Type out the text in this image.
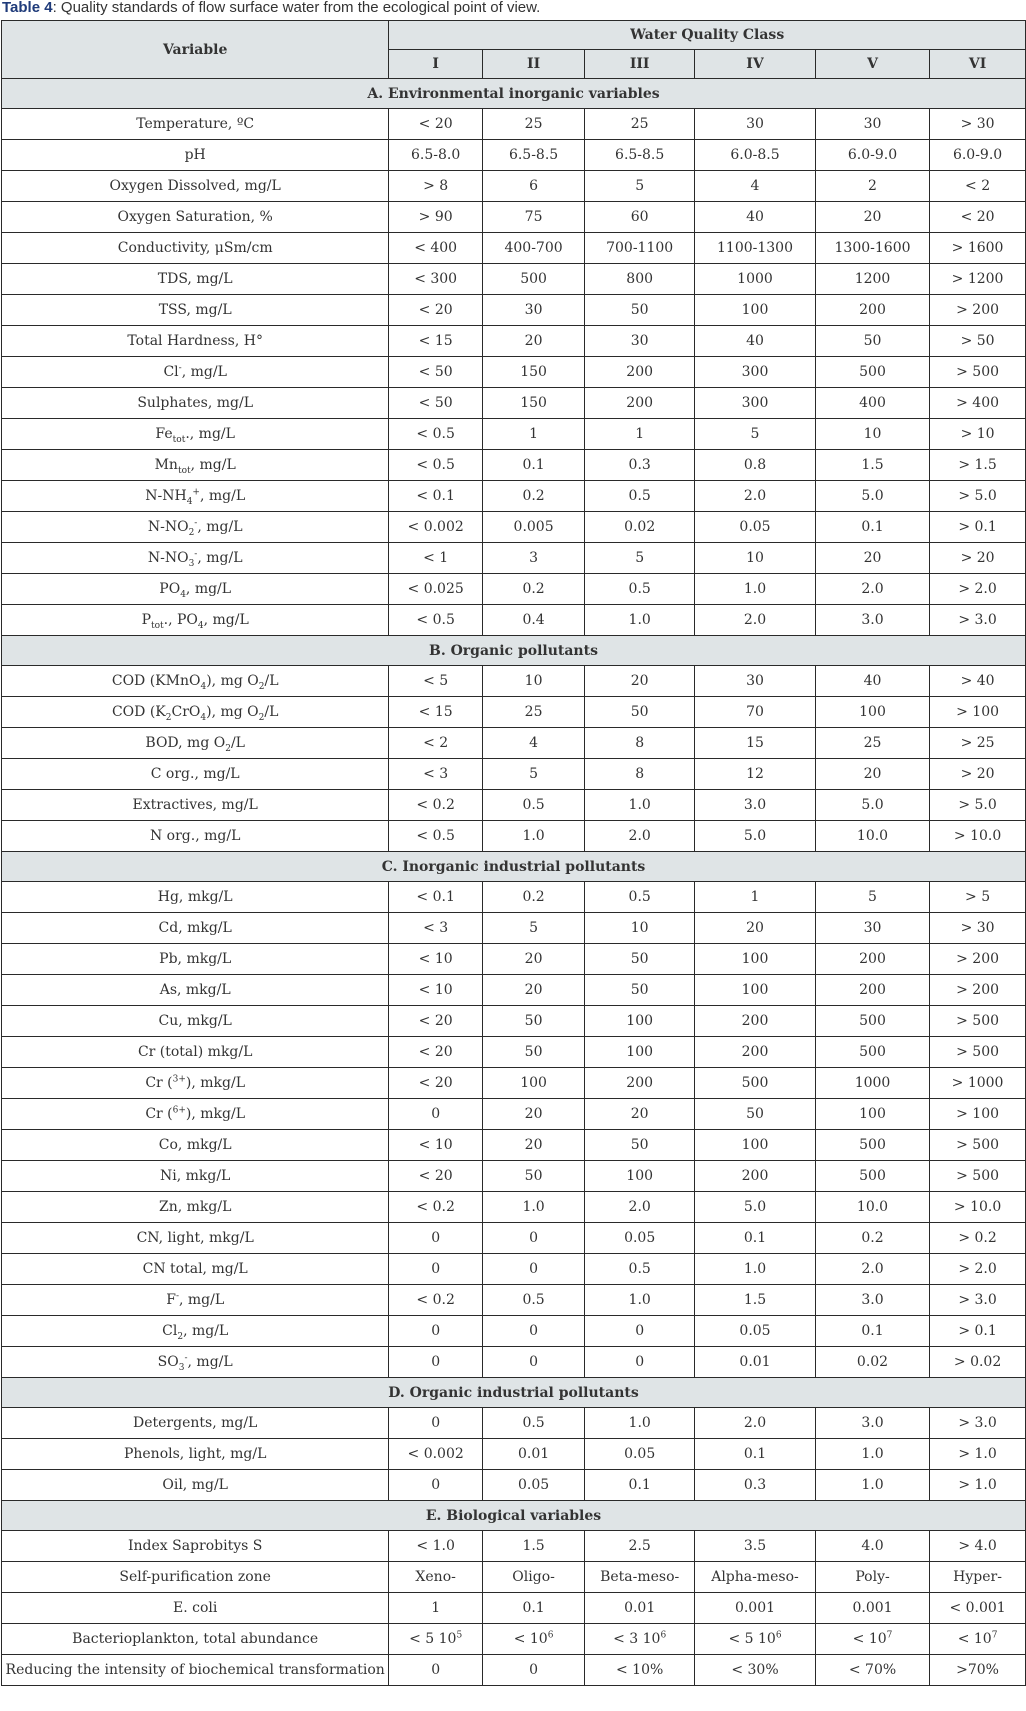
Table 4: Quality standards of flow surface water from the ecological point of view.
Variable	Water Quality Class					
	I	II	III	IV	V	VI
A. Environmental inorganic variables						
Temperature, ºC	< 20	25	25	30	30	> 30
pH	6.5-8.0	6.5-8.5	6.5-8.5	6.0-8.5	6.0-9.0	6.0-9.0
Oxygen Dissolved, mg/L	> 8	6	5	4	2	< 2
Oxygen Saturation, %	> 90	75	60	40	20	< 20
Conductivity, μSm/cm	< 400	400-700	700-1100	1100-1300	1300-1600	> 1600
TDS, mg/L	< 300	500	800	1000	1200	> 1200
TSS, mg/L	< 20	30	50	100	200	> 200
Total Hardness, H°	< 15	20	30	40	50	> 50
Cl-, mg/L	< 50	150	200	300	500	> 500
Sulphates, mg/L	< 50	150	200	300	400	> 400
$Fe_{tot}$., mg/L	< 0.5	1	1	5	10	> 10
$Mn_{tot}$, mg/L	< 0.5	0.1	0.3	0.8	1.5	> 1.5
$N-NH_4^+$, mg/L	< 0.1	0.2	0.5	2.0	5.0	> 5.0
$N-NO_2^-$, mg/L	< 0.002	0.005	0.02	0.05	0.1	> 0.1
$N-NO_3^-$, mg/L	< 1	3	5	10	20	> 20
$PO_4$, mg/L	< 0.025	0.2	0.5	1.0	2.0	> 2.0
$P_{tot}$., $PO_4$, mg/L	< 0.5	0.4	1.0	2.0	3.0	> 3.0
B. Organic pollutants						
COD (KMnO$_4$), mg $O_2/L$	< 5	10	20	30	40	> 40
COD $(K_2CrO_4)$, mg $O_2/L$	< 15	25	50	70	100	> 100
BOD, mg $O_2/L$	< 2	4	8	15	25	> 25
C org., mg/L	< 3	5	8	12	20	> 20
Extractives, mg/L	< 0.2	0.5	1.0	3.0	5.0	> 5.0
N org., mg/L	< 0.5	1.0	2.0	5.0	10.0	> 10.0
C. Inorganic industrial pollutants						
Hg, mkg/L	< 0.1	0.2	0.5	1	5	> 5
Cd, mkg/L	< 3	5	10	20	30	> 30
Pb, mkg/L	< 10	20	50	100	200	> 200
As, mkg/L	< 10	20	50	100	200	> 200
Cu, mkg/L	< 20	50	100	200	500	> 500
Cr (total) mkg/L	< 20	50	100	200	500	> 500
Cr ($^{3+}$), mkg/L	< 20	100	200	500	1000	> 1000
Cr ($^{6+}$), mkg/L	0	20	20	50	100	> 100
Co, mkg/L	< 10	20	50	100	500	> 500
Ni, mkg/L	< 20	50	100	200	500	> 500
Zn, mkg/L	< 0.2	1.0	2.0	5.0	10.0	> 10.0
CN, light, mkg/L	0	0	0.05	0.1	0.2	> 0.2
CN total, mg/L	0	0	0.5	1.0	2.0	> 2.0
F-, mg/L	< 0.2	0.5	1.0	1.5	3.0	> 3.0
$Cl_2$, mg/L	0	0	0	0.05	0.1	> 0.1
$SO_3^-$, mg/L	0	0	0	0.01	0.02	> 0.02
D. Organic industrial pollutants						
Detergents, mg/L	0	0.5	1.0	2.0	3.0	> 3.0
Phenols, light, mg/L	< 0.002	0.01	0.05	0.1	1.0	> 1.0
Oil, mg/L	0	0.05	0.1	0.3	1.0	> 1.0
E. Biological variables						
Index Saprobitys S	< 1.0	1.5	2.5	3.5	4.0	> 4.0
Self-purification zone	Xeno-	Oligo-	Beta-meso-	Alpha-meso-	Poly-	Hyper-
E. coli	1	0.1	0.01	0.001	0.001	< 0.001
Bacterioplankton, total abundance	< 5 $10^5$	< $10^6$	< 3 $10^6$	< 5 $10^6$	< $10^7$	< $10^7$
Reducing the intensity of biochemical transformation	0	0	< 10%	< 30%	< 70%	>70%
